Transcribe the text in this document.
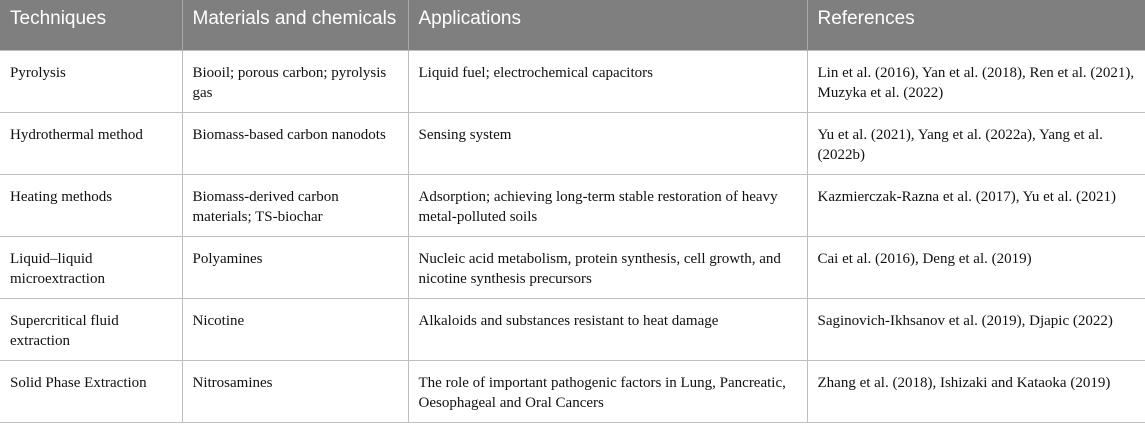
Techniques	Materials and chemicals	Applications	References
Pyrolysis	Biooil; porous carbon; pyrolysis gas	Liquid fuel; electrochemical capacitors	Lin et al. (2016), Yan et al. (2018), Ren et al. (2021), Muzyka et al. (2022)
Hydrothermal method	Biomass-based carbon nanodots	Sensing system	Yu et al. (2021), Yang et al. (2022a), Yang et al. (2022b)
Heating methods	Biomass-derived carbon materials; TS-biochar	Adsorption; achieving long-term stable restoration of heavy metal-polluted soils	Kazmierczak-Razna et al. (2017), Yu et al. (2021)
Liquid–liquid microextraction	Polyamines	Nucleic acid metabolism, protein synthesis, cell growth, and nicotine synthesis precursors	Cai et al. (2016), Deng et al. (2019)
Supercritical fluid extraction	Nicotine	Alkaloids and substances resistant to heat damage	Saginovich-Ikhsanov et al. (2019), Djapic (2022)
Solid Phase Extraction	Nitrosamines	The role of important pathogenic factors in Lung, Pancreatic, Oesophageal and Oral Cancers	Zhang et al. (2018), Ishizaki and Kataoka (2019)
